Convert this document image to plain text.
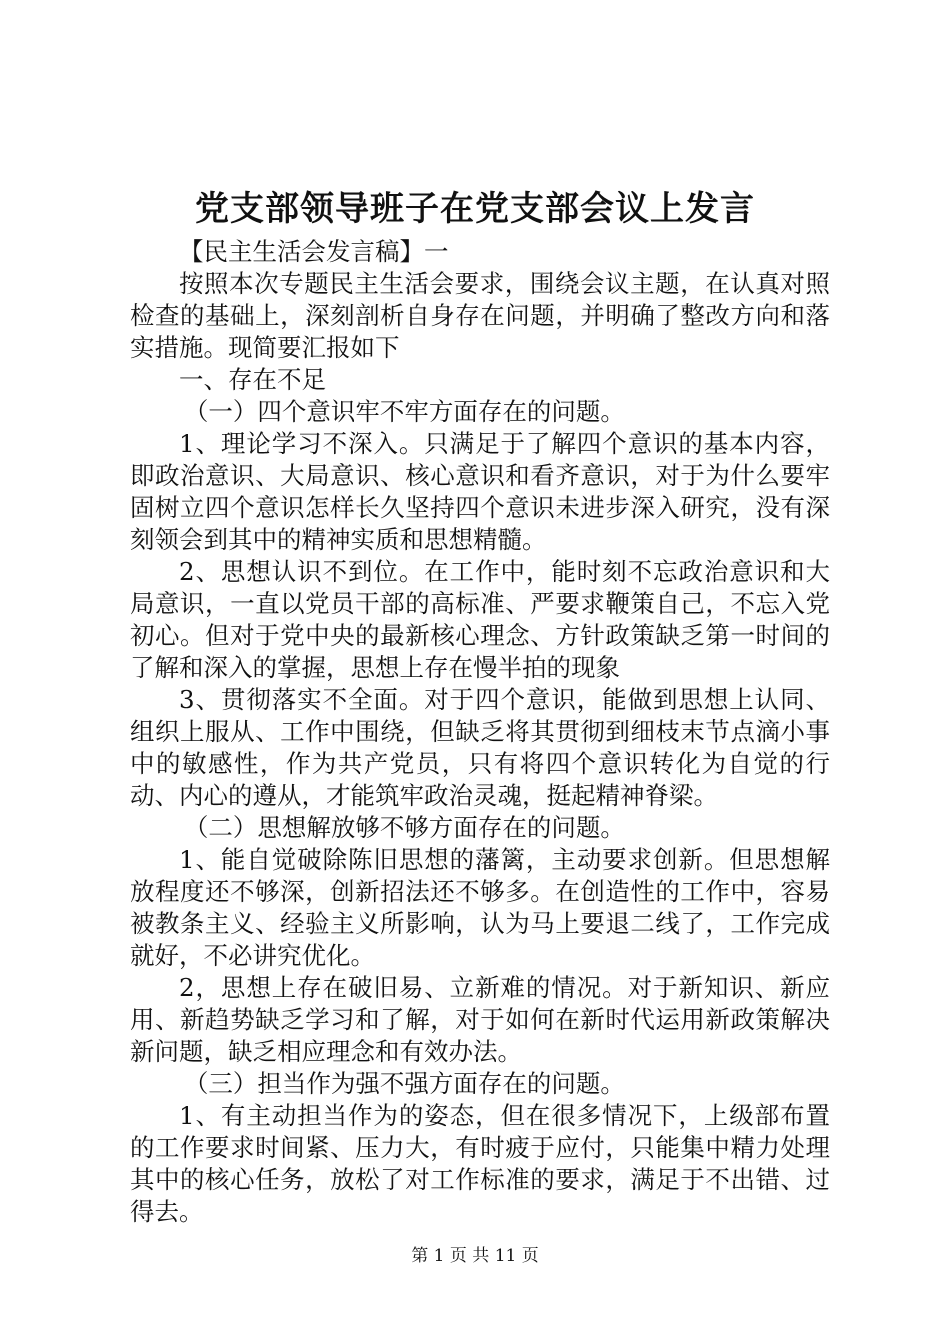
党支部领导班子在党支部会议上发言

【民主生活会发言稿】一

按照本次专题民主生活会要求，围绕会议主题，在认真对照检查的基础上，深刻剖析自身存在问题，并明确了整改方向和落实措施。现简要汇报如下

一、存在不足

（一）四个意识牢不牢方面存在的问题。

1、理论学习不深入。只满足于了解四个意识的基本内容，即政治意识、大局意识、核心意识和看齐意识，对于为什么要牢固树立四个意识怎样长久坚持四个意识未进步深入研究，没有深刻领会到其中的精神实质和思想精髓。

2、思想认识不到位。在工作中，能时刻不忘政治意识和大局意识，一直以党员干部的高标准、严要求鞭策自己，不忘入党初心。但对于党中央的最新核心理念、方针政策缺乏第一时间的了解和深入的掌握，思想上存在慢半拍的现象

3、贯彻落实不全面。对于四个意识，能做到思想上认同、组织上服从、工作中围绕，但缺乏将其贯彻到细枝末节点滴小事中的敏感性，作为共产党员，只有将四个意识转化为自觉的行动、内心的遵从，才能筑牢政治灵魂，挺起精神脊梁。

（二）思想解放够不够方面存在的问题。

1、能自觉破除陈旧思想的藩篱，主动要求创新。但思想解放程度还不够深，创新招法还不够多。在创造性的工作中，容易被教条主义、经验主义所影响，认为马上要退二线了，工作完成就好，不必讲究优化。

2，思想上存在破旧易、立新难的情况。对于新知识、新应用、新趋势缺乏学习和了解，对于如何在新时代运用新政策解决新问题，缺乏相应理念和有效办法。

（三）担当作为强不强方面存在的问题。

1、有主动担当作为的姿态，但在很多情况下，上级部布置的工作要求时间紧、压力大，有时疲于应付，只能集中精力处理其中的核心任务，放松了对工作标准的要求，满足于不出错、过得去。

第 1 页 共 11 页
